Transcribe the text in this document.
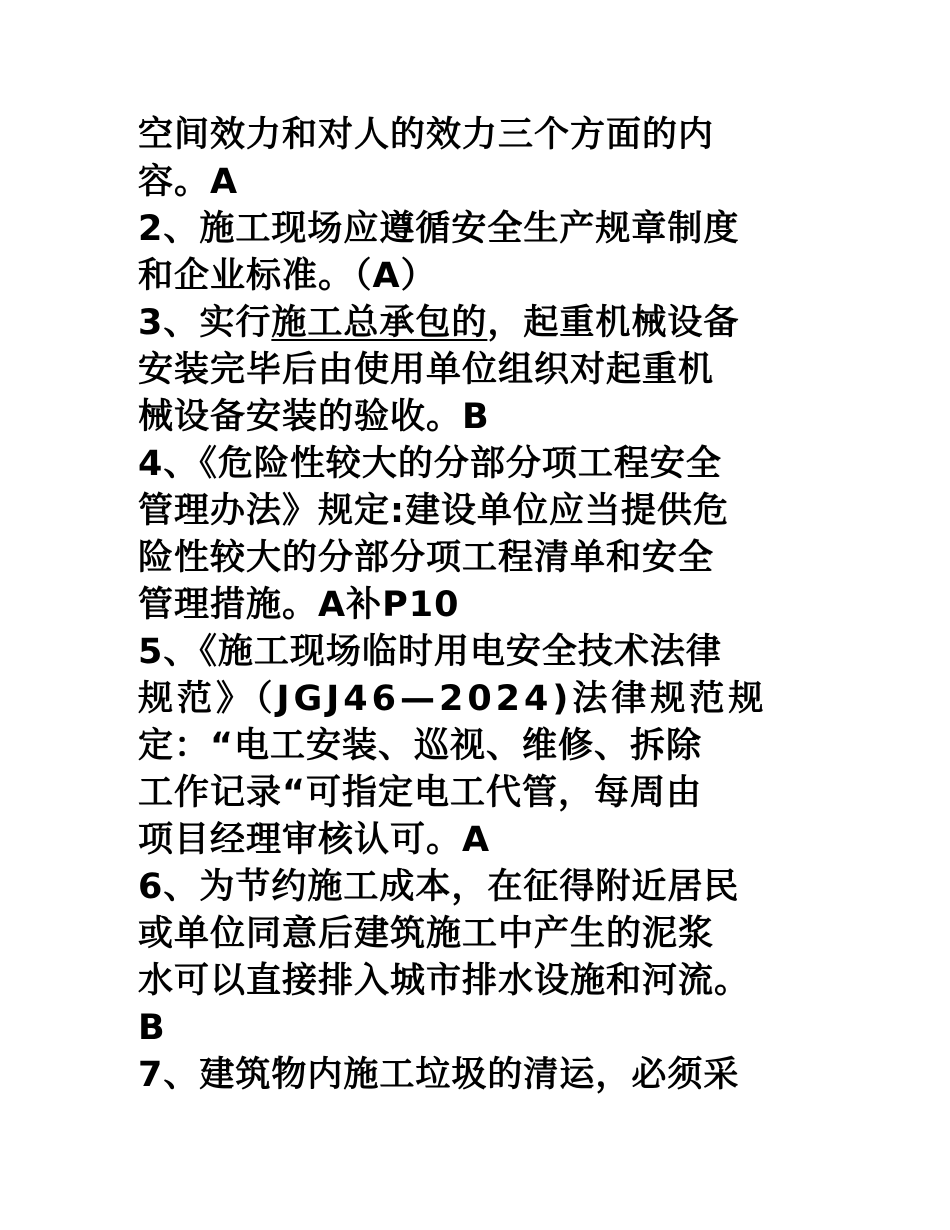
空间效力和对人的效力三个方面的内
容。A
2、施工现场应遵循安全生产规章制度
和企业标准。（A）
3、实行施工总承包的，起重机械设备
安装完毕后由使用单位组织对起重机
械设备安装的验收。B
4、《危险性较大的分部分项工程安全
管理办法》规定:建设单位应当提供危
险性较大的分部分项工程清单和安全
管理措施。A补P10
5、《施工现场临时用电安全技术法律
规范》（JGJ46—2024)法律规范规
定：“电工安装、巡视、维修、拆除
工作记录“可指定电工代管，每周由
项目经理审核认可。A
6、为节约施工成本，在征得附近居民
或单位同意后建筑施工中产生的泥浆
水可以直接排入城市排水设施和河流。
B
7、建筑物内施工垃圾的清运，必须采
